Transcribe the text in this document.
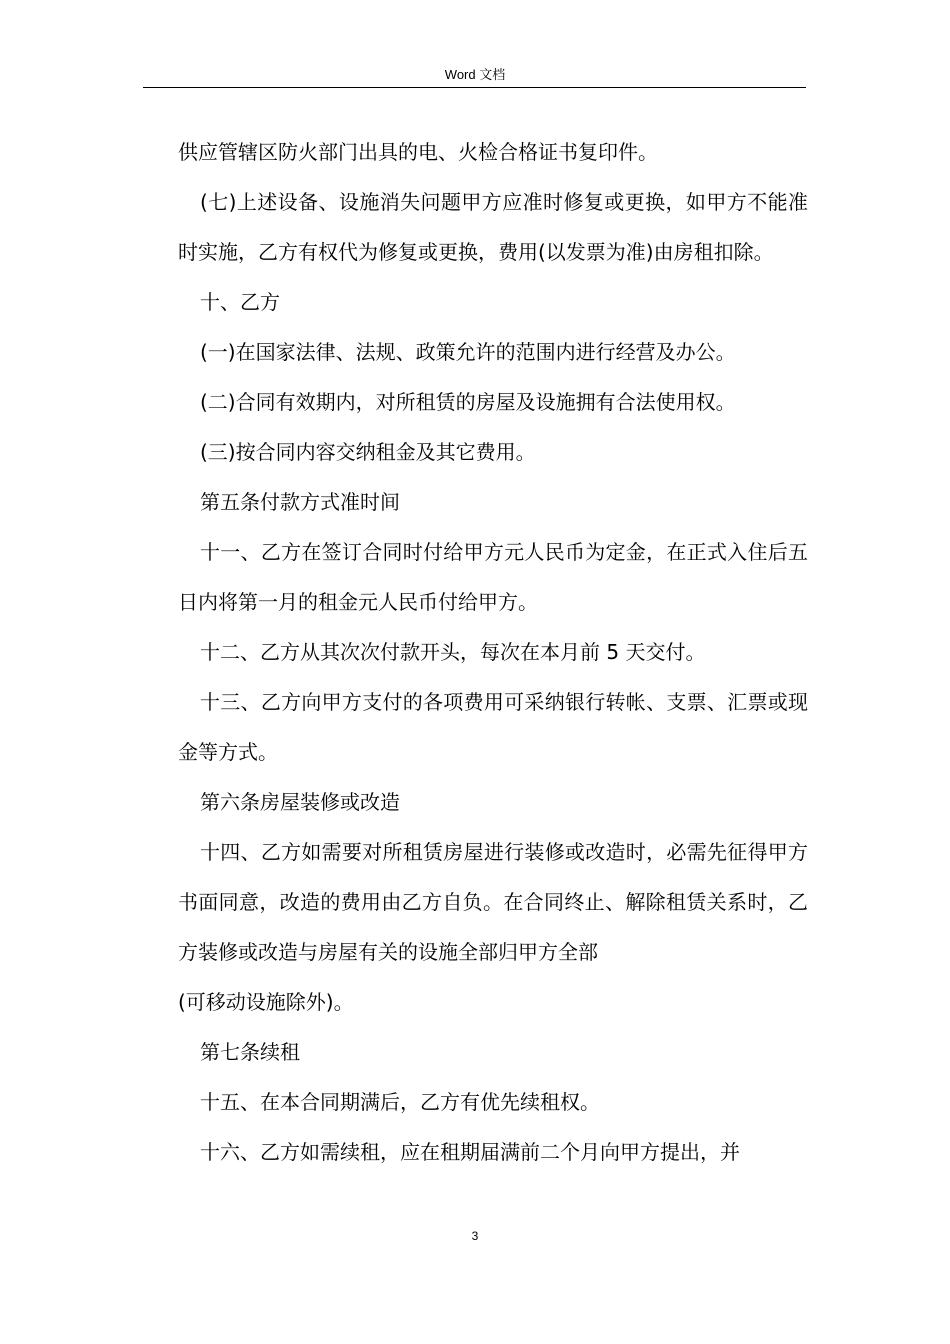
Word 文档

供应管辖区防火部门出具的电、火检合格证书复印件。

(七)上述设备、设施消失问题甲方应准时修复或更换，如甲方不能准时实施，乙方有权代为修复或更换，费用(以发票为准)由房租扣除。

十、乙方

(一)在国家法律、法规、政策允许的范围内进行经营及办公。

(二)合同有效期内，对所租赁的房屋及设施拥有合法使用权。

(三)按合同内容交纳租金及其它费用。

第五条付款方式准时间

十一、乙方在签订合同时付给甲方元人民币为定金，在正式入住后五日内将第一月的租金元人民币付给甲方。

十二、乙方从其次次付款开头，每次在本月前 5 天交付。

十三、乙方向甲方支付的各项费用可采纳银行转帐、支票、汇票或现金等方式。

第六条房屋装修或改造

十四、乙方如需要对所租赁房屋进行装修或改造时，必需先征得甲方书面同意，改造的费用由乙方自负。在合同终止、解除租赁关系时，乙方装修或改造与房屋有关的设施全部归甲方全部

(可移动设施除外)。

第七条续租

十五、在本合同期满后，乙方有优先续租权。

十六、乙方如需续租，应在租期届满前二个月向甲方提出，并

3
